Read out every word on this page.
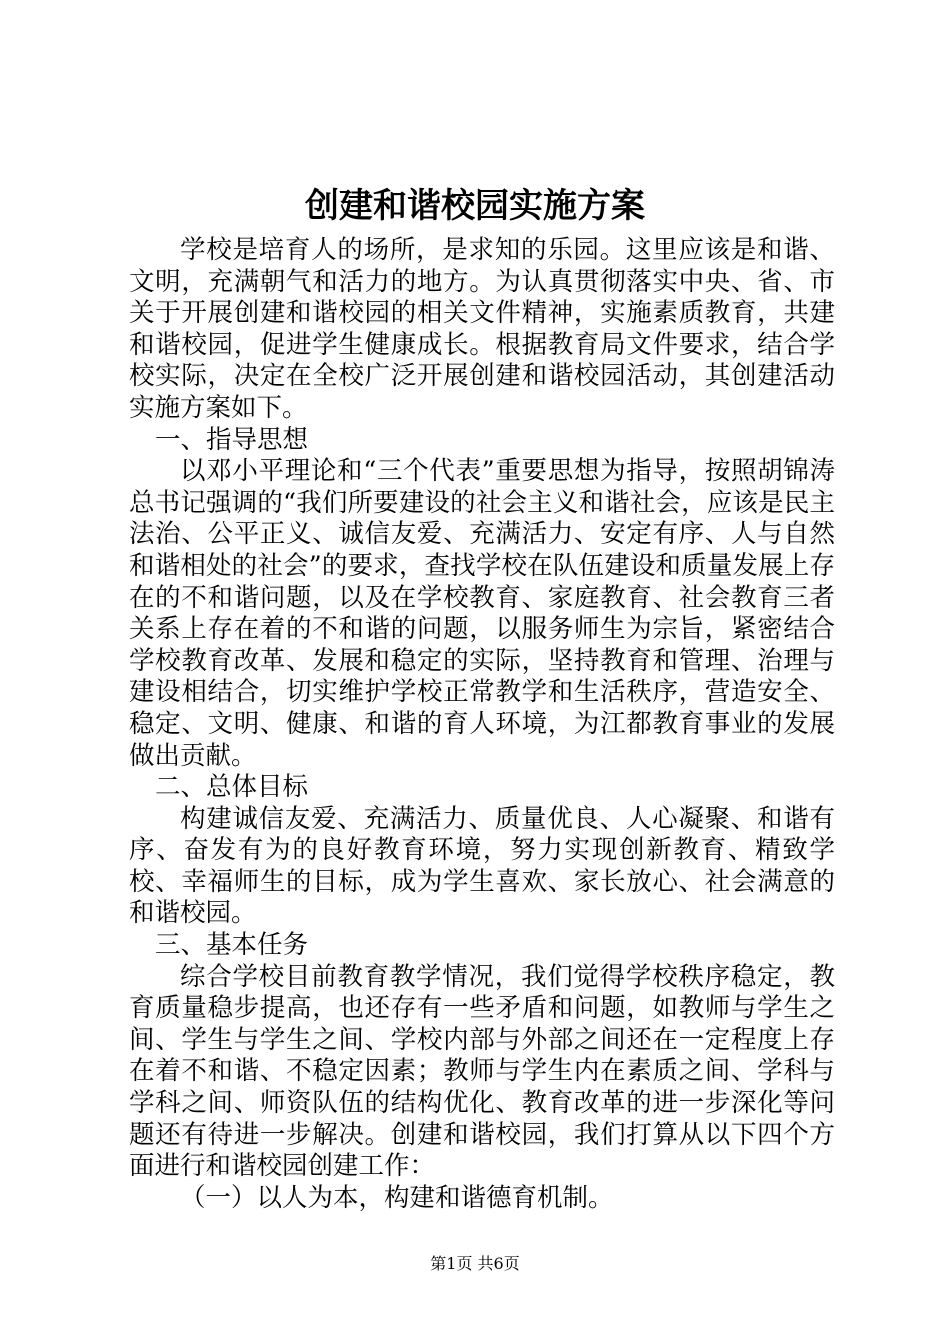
创建和谐校园实施方案

学校是培育人的场所，是求知的乐园。这里应该是和谐、文明，充满朝气和活力的地方。为认真贯彻落实中央、省、市关于开展创建和谐校园的相关文件精神，实施素质教育，共建和谐校园，促进学生健康成长。根据教育局文件要求，结合学校实际，决定在全校广泛开展创建和谐校园活动，其创建活动实施方案如下。

一、指导思想

以邓小平理论和“三个代表”重要思想为指导，按照胡锦涛总书记强调的“我们所要建设的社会主义和谐社会，应该是民主法治、公平正义、诚信友爱、充满活力、安定有序、人与自然和谐相处的社会”的要求，查找学校在队伍建设和质量发展上存在的不和谐问题，以及在学校教育、家庭教育、社会教育三者关系上存在着的不和谐的问题，以服务师生为宗旨，紧密结合学校教育改革、发展和稳定的实际，坚持教育和管理、治理与建设相结合，切实维护学校正常教学和生活秩序，营造安全、稳定、文明、健康、和谐的育人环境，为江都教育事业的发展做出贡献。

二、总体目标

构建诚信友爱、充满活力、质量优良、人心凝聚、和谐有序、奋发有为的良好教育环境，努力实现创新教育、精致学校、幸福师生的目标，成为学生喜欢、家长放心、社会满意的和谐校园。

三、基本任务

综合学校目前教育教学情况，我们觉得学校秩序稳定，教育质量稳步提高，也还存有一些矛盾和问题，如教师与学生之间、学生与学生之间、学校内部与外部之间还在一定程度上存在着不和谐、不稳定因素；教师与学生内在素质之间、学科与学科之间、师资队伍的结构优化、教育改革的进一步深化等问题还有待进一步解决。创建和谐校园，我们打算从以下四个方面进行和谐校园创建工作：

（一）以人为本，构建和谐德育机制。

第1页 共6页
